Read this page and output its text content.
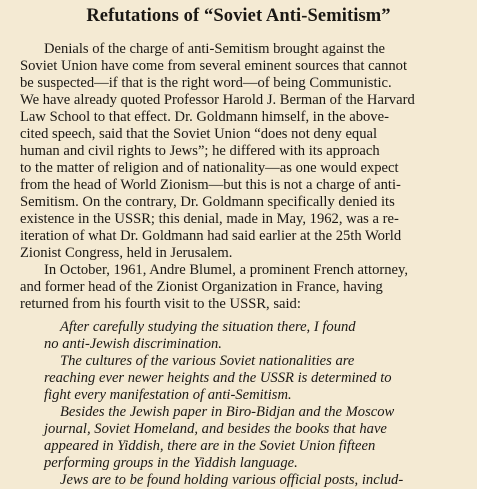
Refutations of “Soviet Anti-Semitism”
Denials of the charge of anti-Semitism brought against the
Soviet Union have come from several eminent sources that cannot
be suspected—if that is the right word—of being Communistic.
We have already quoted Professor Harold J. Berman of the Harvard
Law School to that effect. Dr. Goldmann himself, in the above-
cited speech, said that the Soviet Union “does not deny equal
human and civil rights to Jews”; he differed with its approach
to the matter of religion and of nationality—as one would expect
from the head of World Zionism—but this is not a charge of anti-
Semitism. On the contrary, Dr. Goldmann specifically denied its
existence in the USSR; this denial, made in May, 1962, was a re-
iteration of what Dr. Goldmann had said earlier at the 25th World
Zionist Congress, held in Jerusalem.
In October, 1961, Andre Blumel, a prominent French attorney,
and former head of the Zionist Organization in France, having
returned from his fourth visit to the USSR, said:
After carefully studying the situation there, I found
no anti-Jewish discrimination.
The cultures of the various Soviet nationalities are
reaching ever newer heights and the USSR is determined to
fight every manifestation of anti-Semitism.
Besides the Jewish paper in Biro-Bidjan and the Moscow
journal, Soviet Homeland, and besides the books that have
appeared in Yiddish, there are in the Soviet Union fifteen
performing groups in the Yiddish language.
Jews are to be found holding various official posts, includ-
